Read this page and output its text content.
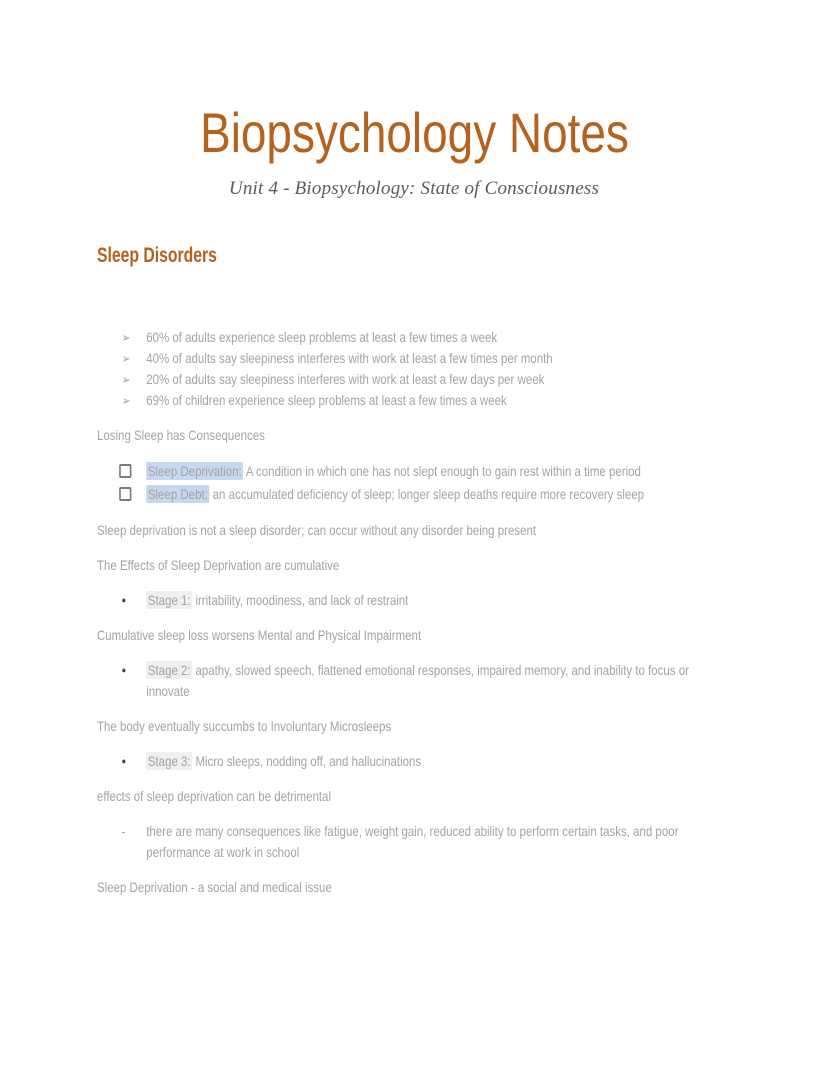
Biopsychology Notes
Unit 4 - Biopsychology: State of Consciousness
Sleep Disorders
➢ 60% of adults experience sleep problems at least a few times a week
➢ 40% of adults say sleepiness interferes with work at least a few times per month
➢ 20% of adults say sleepiness interferes with work at least a few days per week
➢ 69% of children experience sleep problems at least a few times a week

Losing Sleep has Consequences

Sleep Deprivation: A condition in which one has not slept enough to gain rest within a time period
Sleep Debt: an accumulated deficiency of sleep; longer sleep deaths require more recovery sleep

Sleep deprivation is not a sleep disorder; can occur without any disorder being present

The Effects of Sleep Deprivation are cumulative

● Stage 1: irritability, moodiness, and lack of restraint

Cumulative sleep loss worsens Mental and Physical Impairment

● Stage 2: apathy, slowed speech, flattened emotional responses, impaired memory, and inability to focus or innovate

The body eventually succumbs to Involuntary Microsleeps

● Stage 3: Micro sleeps, nodding off, and hallucinations

effects of sleep deprivation can be detrimental

- there are many consequences like fatigue, weight gain, reduced ability to perform certain tasks, and poor performance at work in school

Sleep Deprivation - a social and medical issue
